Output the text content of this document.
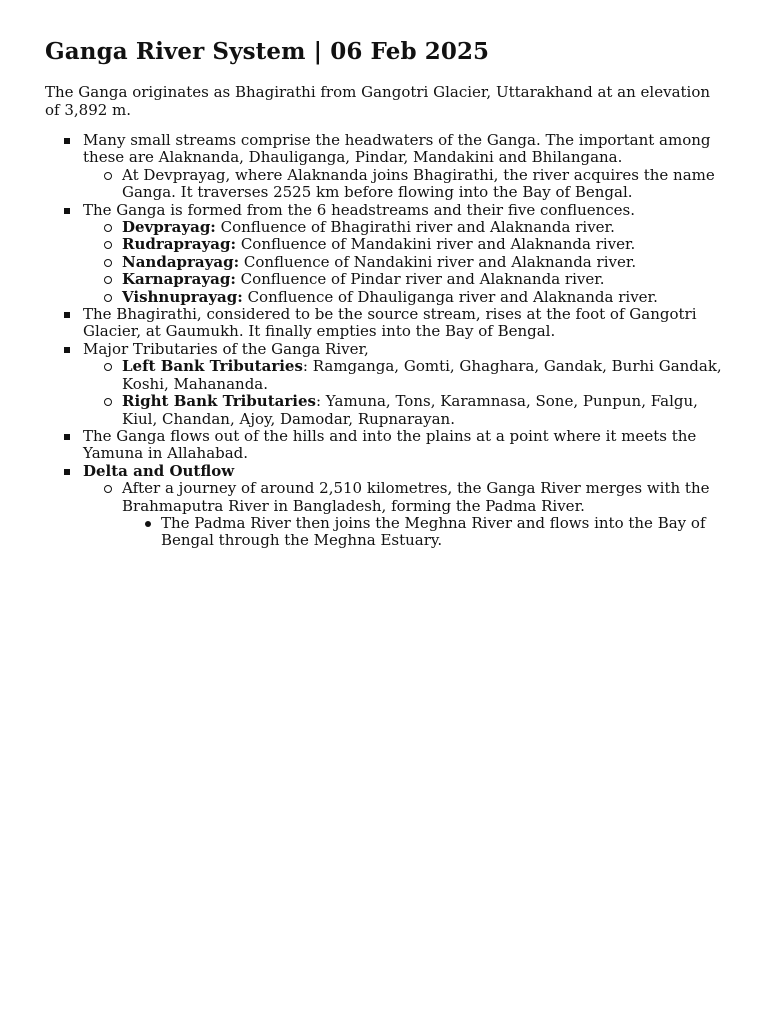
Ganga River System | 06 Feb 2025

The Ganga originates as Bhagirathi from Gangotri Glacier, Uttarakhand at an elevation of 3,892 m.

Many small streams comprise the headwaters of the Ganga. The important among these are Alaknanda, Dhauliganga, Pindar, Mandakini and Bhilangana.
At Devprayag, where Alaknanda joins Bhagirathi, the river acquires the name Ganga. It traverses 2525 km before flowing into the Bay of Bengal.
The Ganga is formed from the 6 headstreams and their five confluences.
Devprayag: Confluence of Bhagirathi river and Alaknanda river.
Rudraprayag: Confluence of Mandakini river and Alaknanda river.
Nandaprayag: Confluence of Nandakini river and Alaknanda river.
Karnaprayag: Confluence of Pindar river and Alaknanda river.
Vishnuprayag: Confluence of Dhauliganga river and Alaknanda river.
The Bhagirathi, considered to be the source stream, rises at the foot of Gangotri Glacier, at Gaumukh. It finally empties into the Bay of Bengal.
Major Tributaries of the Ganga River,
Left Bank Tributaries: Ramganga, Gomti, Ghaghara, Gandak, Burhi Gandak, Koshi, Mahananda.
Right Bank Tributaries: Yamuna, Tons, Karamnasa, Sone, Punpun, Falgu, Kiul, Chandan, Ajoy, Damodar, Rupnarayan.
The Ganga flows out of the hills and into the plains at a point where it meets the Yamuna in Allahabad.
Delta and Outflow
After a journey of around 2,510 kilometres, the Ganga River merges with the Brahmaputra River in Bangladesh, forming the Padma River.
The Padma River then joins the Meghna River and flows into the Bay of Bengal through the Meghna Estuary.
